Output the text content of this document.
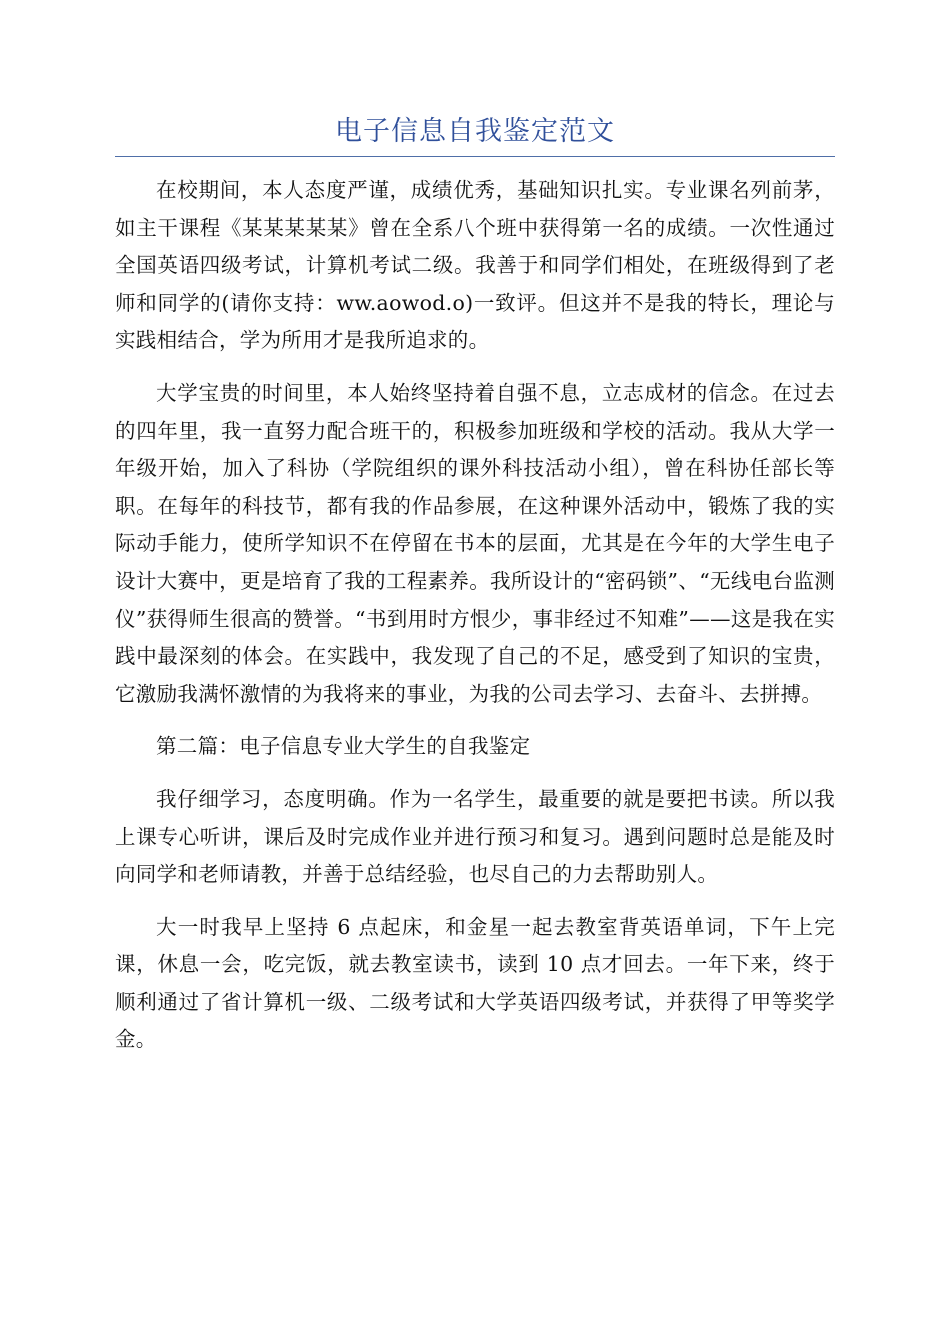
电子信息自我鉴定范文

在校期间，本人态度严谨，成绩优秀，基础知识扎实。专业课名列前茅，如主干课程《某某某某某》曾在全系八个班中获得第一名的成绩。一次性通过全国英语四级考试，计算机考试二级。我善于和同学们相处，在班级得到了老师和同学的(请你支持：ww.aowod.o)一致评。但这并不是我的特长，理论与实践相结合，学为所用才是我所追求的。

大学宝贵的时间里，本人始终坚持着自强不息，立志成材的信念。在过去的四年里，我一直努力配合班干的，积极参加班级和学校的活动。我从大学一年级开始，加入了科协（学院组织的课外科技活动小组），曾在科协任部长等职。在每年的科技节，都有我的作品参展，在这种课外活动中，锻炼了我的实际动手能力，使所学知识不在停留在书本的层面，尤其是在今年的大学生电子设计大赛中，更是培育了我的工程素养。我所设计的“密码锁”、“无线电台监测仪”获得师生很高的赞誉。“书到用时方恨少，事非经过不知难”——这是我在实践中最深刻的体会。在实践中，我发现了自己的不足，感受到了知识的宝贵，它激励我满怀激情的为我将来的事业，为我的公司去学习、去奋斗、去拼搏。

第二篇：电子信息专业大学生的自我鉴定

我仔细学习，态度明确。作为一名学生，最重要的就是要把书读。所以我上课专心听讲，课后及时完成作业并进行预习和复习。遇到问题时总是能及时向同学和老师请教，并善于总结经验，也尽自己的力去帮助别人。

大一时我早上坚持 6 点起床，和金星一起去教室背英语单词，下午上完课，休息一会，吃完饭，就去教室读书，读到 10 点才回去。一年下来，终于顺利通过了省计算机一级、二级考试和大学英语四级考试，并获得了甲等奖学金。
